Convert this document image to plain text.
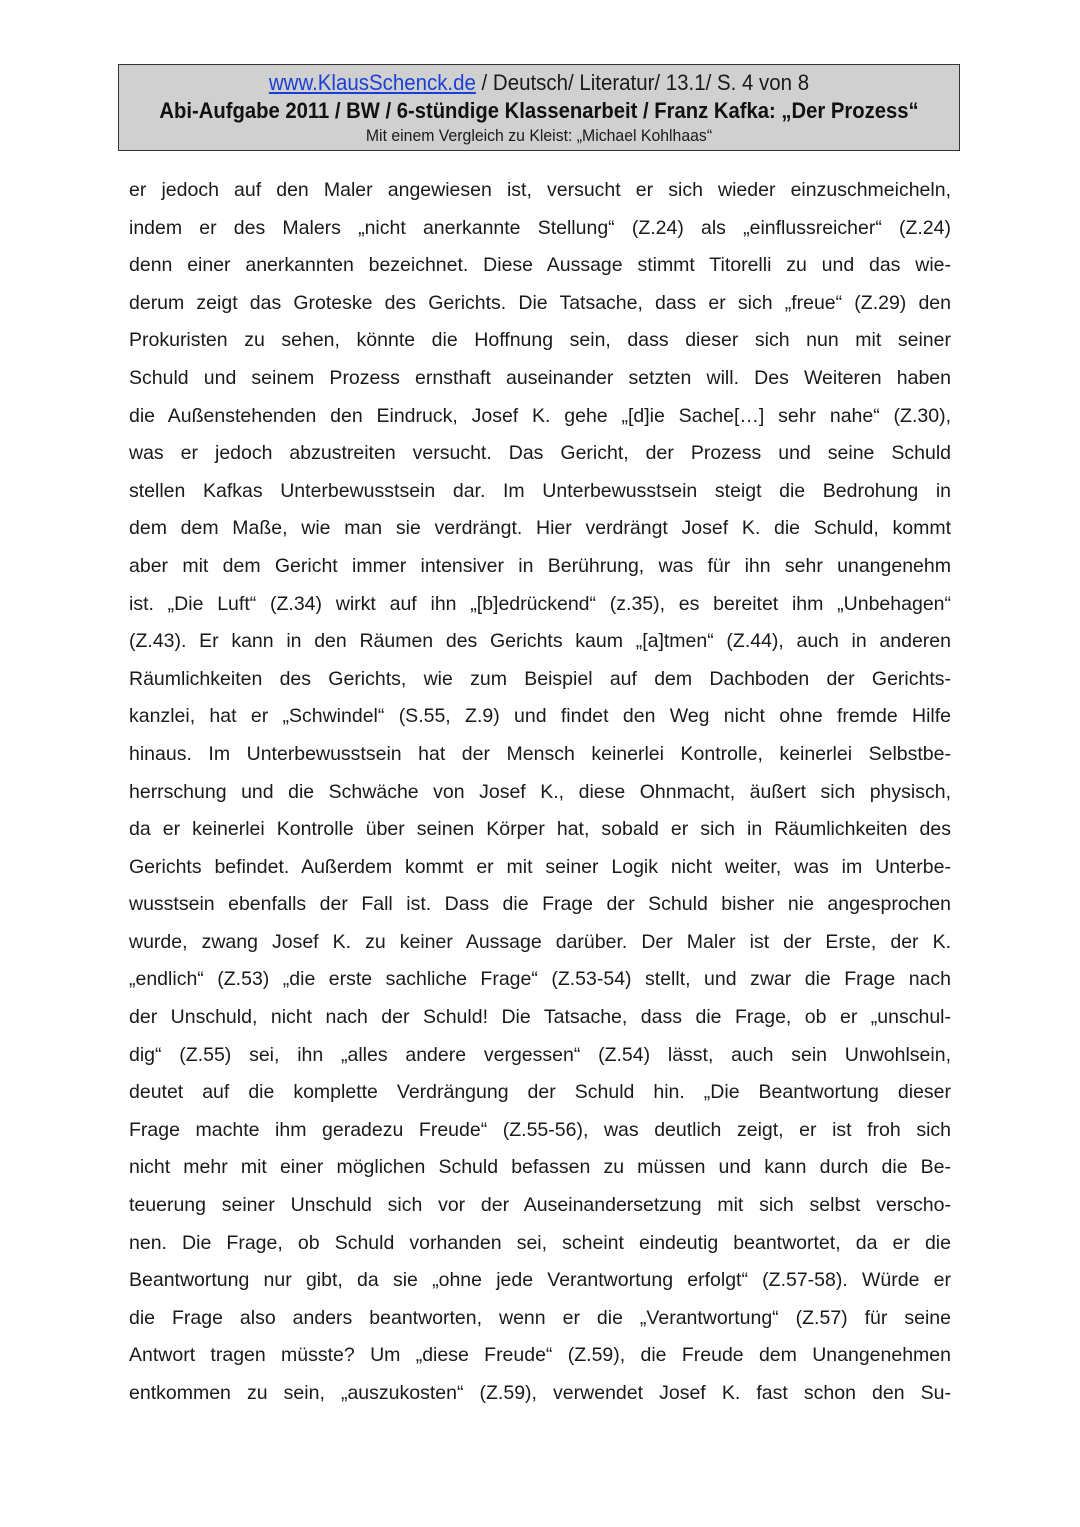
www.KlausSchenck.de / Deutsch/ Literatur/ 13.1/ S. 4 von 8
Abi-Aufgabe 2011 / BW / 6-stündige Klassenarbeit / Franz Kafka: „Der Prozess“
Mit einem Vergleich zu Kleist: „Michael Kohlhaas“
er jedoch auf den Maler angewiesen ist, versucht er sich wieder einzuschmeicheln,
indem er des Malers „nicht anerkannte Stellung“ (Z.24) als „einflussreicher“ (Z.24)
denn einer anerkannten bezeichnet. Diese Aussage stimmt Titorelli zu und das wie-
derum zeigt das Groteske des Gerichts. Die Tatsache, dass er sich „freue“ (Z.29) den
Prokuristen zu sehen, könnte die Hoffnung sein, dass dieser sich nun mit seiner
Schuld und seinem Prozess ernsthaft auseinander setzten will. Des Weiteren haben
die Außenstehenden den Eindruck, Josef K. gehe „[d]ie Sache[…] sehr nahe“ (Z.30),
was er jedoch abzustreiten versucht. Das Gericht, der Prozess und seine Schuld
stellen Kafkas Unterbewusstsein dar. Im Unterbewusstsein steigt die Bedrohung in
dem dem Maße, wie man sie verdrängt. Hier verdrängt Josef K. die Schuld, kommt
aber mit dem Gericht immer intensiver in Berührung, was für ihn sehr unangenehm
ist. „Die Luft“ (Z.34) wirkt auf ihn „[b]edrückend“ (z.35), es bereitet ihm „Unbehagen“
(Z.43). Er kann in den Räumen des Gerichts kaum „[a]tmen“ (Z.44), auch in anderen
Räumlichkeiten des Gerichts, wie zum Beispiel auf dem Dachboden der Gerichts-
kanzlei, hat er „Schwindel“ (S.55, Z.9) und findet den Weg nicht ohne fremde Hilfe
hinaus. Im Unterbewusstsein hat der Mensch keinerlei Kontrolle, keinerlei Selbstbe-
herrschung und die Schwäche von Josef K., diese Ohnmacht, äußert sich physisch,
da er keinerlei Kontrolle über seinen Körper hat, sobald er sich in Räumlichkeiten des
Gerichts befindet. Außerdem kommt er mit seiner Logik nicht weiter, was im Unterbe-
wusstsein ebenfalls der Fall ist. Dass die Frage der Schuld bisher nie angesprochen
wurde, zwang Josef K. zu keiner Aussage darüber. Der Maler ist der Erste, der K.
„endlich“ (Z.53) „die erste sachliche Frage“ (Z.53-54) stellt, und zwar die Frage nach
der Unschuld, nicht nach der Schuld! Die Tatsache, dass die Frage, ob er „unschul-
dig“ (Z.55) sei, ihn „alles andere vergessen“ (Z.54) lässt, auch sein Unwohlsein,
deutet auf die komplette Verdrängung der Schuld hin. „Die Beantwortung dieser
Frage machte ihm geradezu Freude“ (Z.55-56), was deutlich zeigt, er ist froh sich
nicht mehr mit einer möglichen Schuld befassen zu müssen und kann durch die Be-
teuerung seiner Unschuld sich vor der Auseinandersetzung mit sich selbst verscho-
nen. Die Frage, ob Schuld vorhanden sei, scheint eindeutig beantwortet, da er die
Beantwortung nur gibt, da sie „ohne jede Verantwortung erfolgt“ (Z.57-58). Würde er
die Frage also anders beantworten, wenn er die „Verantwortung“ (Z.57) für seine
Antwort tragen müsste? Um „diese Freude“ (Z.59), die Freude dem Unangenehmen
entkommen zu sein, „auszukosten“ (Z.59), verwendet Josef K. fast schon den Su-
